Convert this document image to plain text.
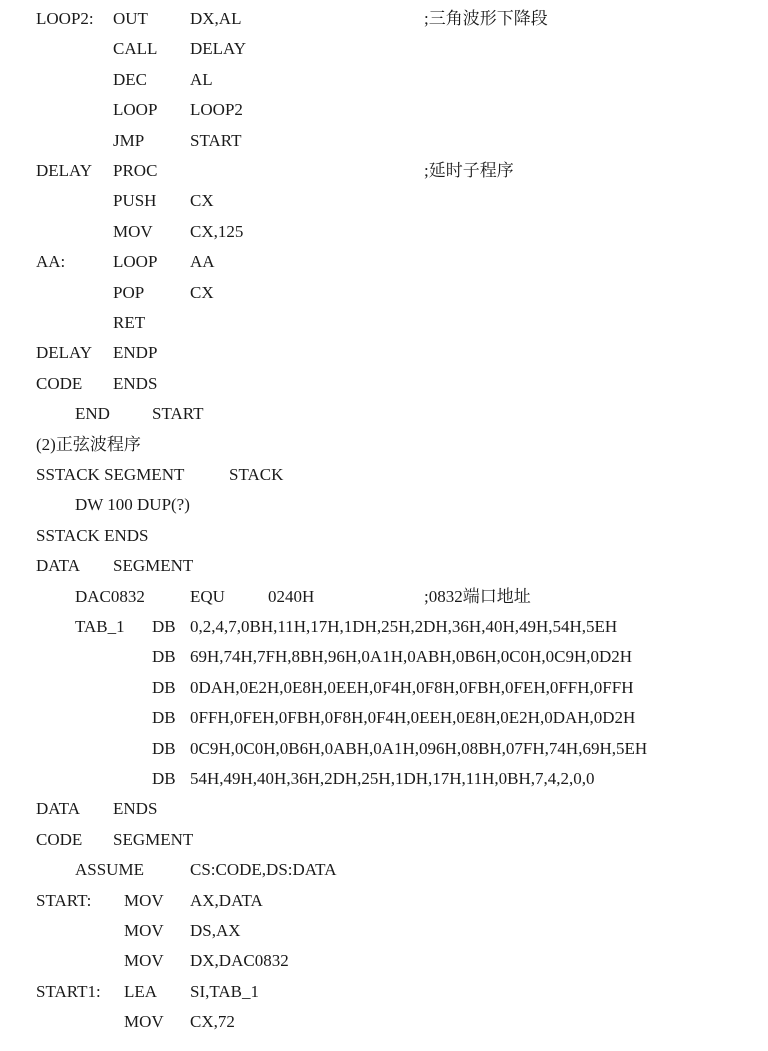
LOOP2: OUT DX,AL	;三角波形下降段
CALL DELAY
DEC	AL
LOOP LOOP2
JMP	START
DELAY PROC	;延时子程序
PUSH CX
MOV CX,125
AA:	LOOP AA
POP	CX
RET
DELAY ENDP
CODE ENDS
END START
(2)正弦波程序
SSTACK SEGMENT	STACK
DW 100 DUP(?)
SSTACK ENDS
DATA SEGMENT
DAC0832	EQU	0240H	;0832端口地址
TAB_1 DB 0,2,4,7,0BH,11H,17H,1DH,25H,2DH,36H,40H,49H,54H,5EH
DB 69H,74H,7FH,8BH,96H,0A1H,0ABH,0B6H,0C0H,0C9H,0D2H
DB 0DAH,0E2H,0E8H,0EEH,0F4H,0F8H,0FBH,0FEH,0FFH,0FFH
DB 0FFH,0FEH,0FBH,0F8H,0F4H,0EEH,0E8H,0E2H,0DAH,0D2H
DB 0C9H,0C0H,0B6H,0ABH,0A1H,096H,08BH,07FH,74H,69H,5EH
DB 54H,49H,40H,36H,2DH,25H,1DH,17H,11H,0BH,7,4,2,0,0
DATA ENDS
CODE SEGMENT
ASSUME	CS:CODE,DS:DATA
START: MOV AX,DATA
MOV DS,AX
MOV DX,DAC0832
START1: LEA SI,TAB_1
MOV CX,72
